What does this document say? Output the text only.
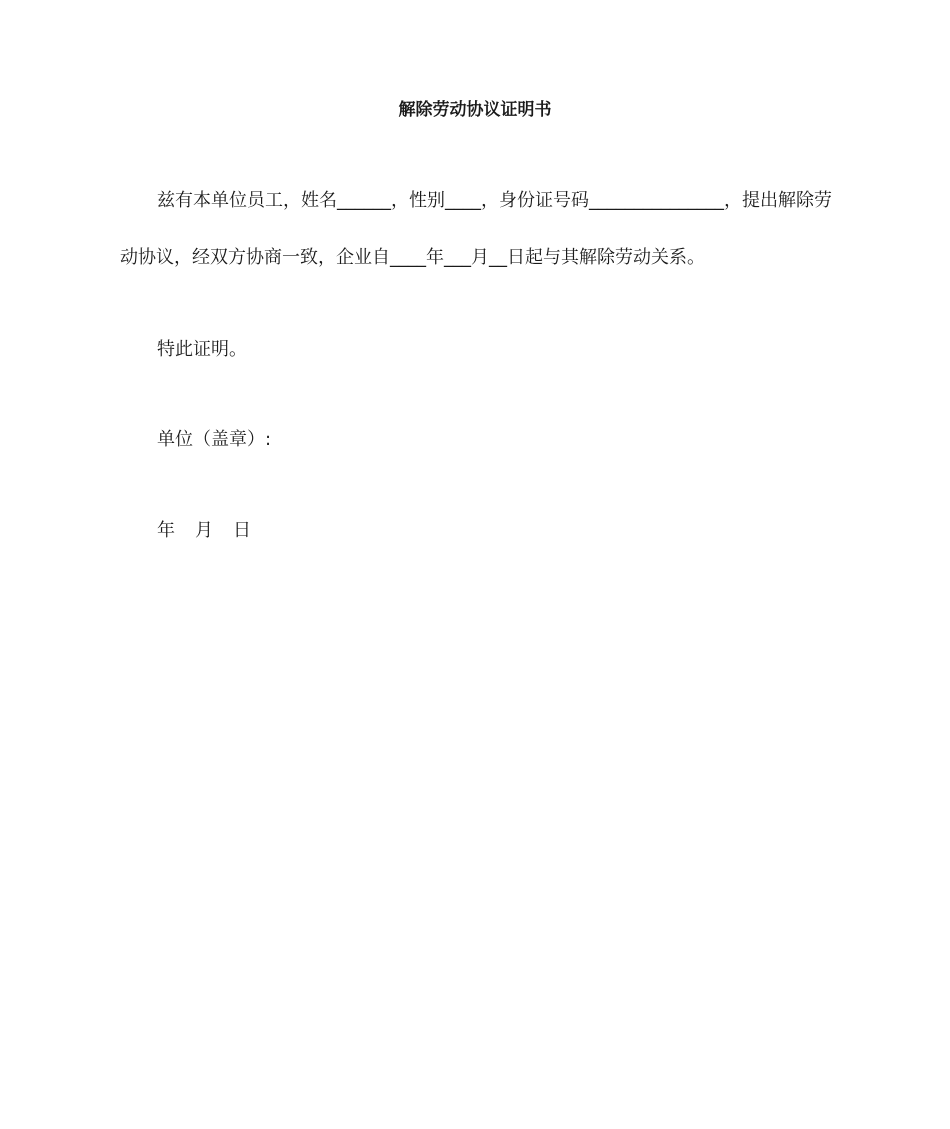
解除劳动协议证明书

兹有本单位员工，姓名______，性别____，身份证号码_______________，提出解除劳动协议，经双方协商一致，企业自____年___月__日起与其解除劳动关系。

特此证明。

单位（盖章）:

年 月 日
